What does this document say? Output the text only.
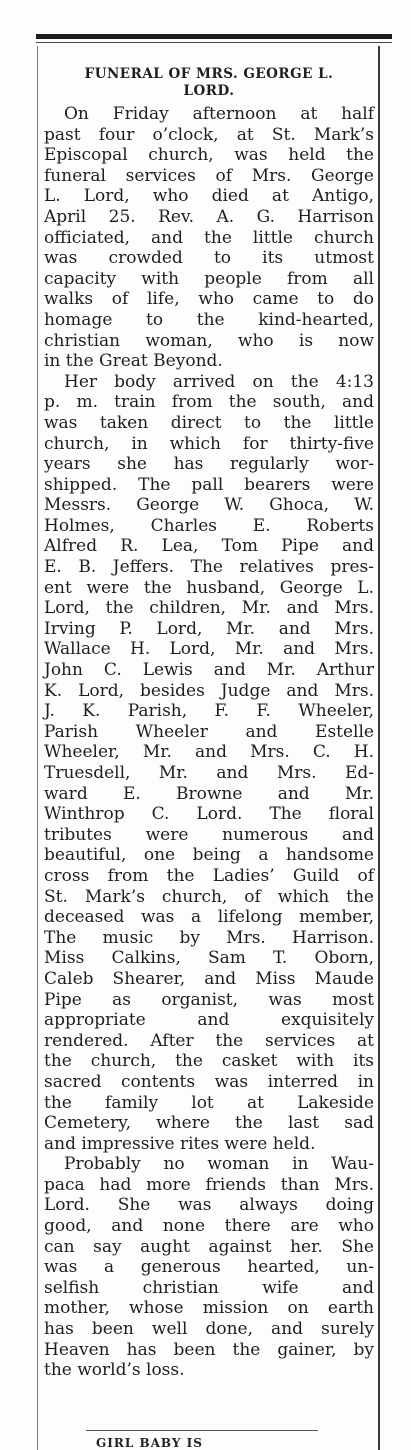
FUNERAL OF MRS. GEORGE L.
LORD.
On Friday afternoon at half
past four o’clock, at St. Mark’s
Episcopal church, was held the
funeral services of Mrs. George
L. Lord, who died at Antigo,
April 25. Rev. A. G. Harrison
officiated, and the little church
was crowded to its utmost
capacity with people from all
walks of life, who came to do
homage to the kind-hearted,
christian woman, who is now
in the Great Beyond.
Her body arrived on the 4:13
p. m. train from the south, and
was taken direct to the little
church, in which for thirty-five
years she has regularly wor-
shipped. The pall bearers were
Messrs. George W. Ghoca, W.
Holmes, Charles E. Roberts
Alfred R. Lea, Tom Pipe and
E. B. Jeffers. The relatives pres-
ent were the husband, George L.
Lord, the children, Mr. and Mrs.
Irving P. Lord, Mr. and Mrs.
Wallace H. Lord, Mr. and Mrs.
John C. Lewis and Mr. Arthur
K. Lord, besides Judge and Mrs.
J. K. Parish, F. F. Wheeler,
Parish Wheeler and Estelle
Wheeler, Mr. and Mrs. C. H.
Truesdell, Mr. and Mrs. Ed-
ward E. Browne and Mr.
Winthrop C. Lord. The floral
tributes were numerous and
beautiful, one being a handsome
cross from the Ladies’ Guild of
St. Mark’s church, of which the
deceased was a lifelong member,
The music by Mrs. Harrison.
Miss Calkins, Sam T. Oborn,
Caleb Shearer, and Miss Maude
Pipe as organist, was most
appropriate and exquisitely
rendered. After the services at
the church, the casket with its
sacred contents was interred in
the family lot at Lakeside
Cemetery, where the last sad
and impressive rites were held.
Probably no woman in Wau-
paca had more friends than Mrs.
Lord. She was always doing
good, and none there are who
can say aught against her. She
was a generous hearted, un-
selfish christian wife and
mother, whose mission on earth
has been well done, and surely
Heaven has been the gainer, by
the world’s loss.
GIRL BABY IS
